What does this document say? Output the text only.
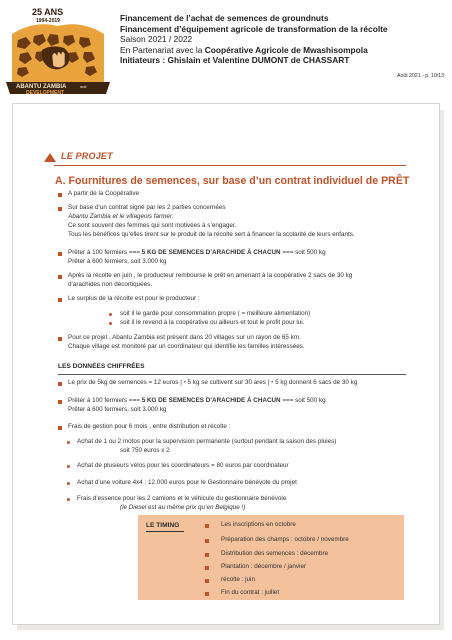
25 ANS
1994-2019
ABANTU ZAMBIA	asbl
DEVELOPMENT
Financement de l’achat de semences de groundnuts
Financement d’équipement agricole de transformation de la récolte
Saison 2021 / 2022
En Partenariat avec la Coopérative Agricole de Mwashisompola
Initiateurs : Ghislain et Valentine DUMONT de CHASSART
Août 2021 - p. 10/13
LE PROJET
A. Fournitures de semences, sur base d’un contrat individuel de PRÊT
A partir de la Coopérative
Sur base d’un contrat signé par les 2 parties concernées
Abantu Zambia et le villageois farmer.
Ce sont souvent des femmes qui sont motivées à s’engager.
Tous les bénéfices qu’elles tirent sur le produit de la récolte sert à financer la scolarité de leurs enfants.
Prêter à 100 fermiers === 5 KG DE SEMENCES D’ARACHIDE À CHACUN === soit 500 kg
Prêter à 600 fermiers, soit 3.000 kg
Après la récolte en juin , le producteur rembourse le prêt en amenant à la coopérative 2 sacs de 30 kg
d’arachides non décortiquées.
Le surplus de la récolte est pour le producteur :
soit il le garde pour consommation propre ( = meilleure alimentation)
soit il le revend à la coopérative ou ailleurs et tout le profit pour lui.
Pour ce projet , Abantu Zambia est présent dans 20 villages sur un rayon de 65 km.
Chaque village est monitoré par un coordinateur qui identifie les familles intéressées.
LES DONNÉES CHIFFRÉES
Le prix de 5kg de semences = 12 euros | • 5 kg se cultivent sur 30 ares | • 5 kg donnent 6 sacs de 30 kg
Prêter à 100 fermiers === 5 KG DE SEMENCES D’ARACHIDE À CHACUN === soit 500 kg
Prêter à 600 fermiers, soit 3.000 kg
Frais de gestion pour 6 mois , entre distribution et récolte :
Achat de 1 ou 2 motos pour la supervision permanente (surtout pendant la saison des pluies)
soit 750 euros x 2
Achat de plusieurs vélos pour les coordinateurs = 80 euros par coordinateur
Achat d’une voiture 4x4 : 12.000 euros pour le Gestionnaire bénévole du projet
Frais d’essence pour les 2 camions et le véhicule du gestionnaire bénévole
(le Diesel est au même prix qu’en Belgique !)
LE TIMING	Les inscriptions en octobre
Préparation des champs : octobre / novembre
Distribution des semences : décembre
Plantation : décembre / janvier
récolte : juin
Fin du contrat : juillet
